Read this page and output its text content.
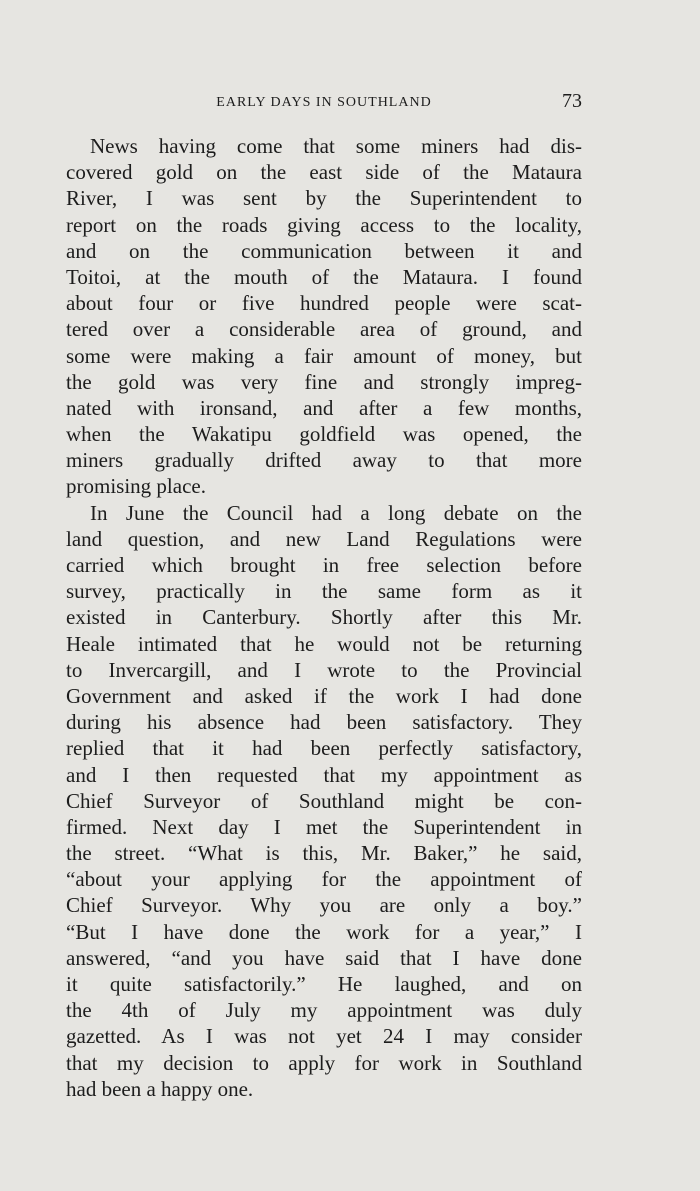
EARLY DAYS IN SOUTHLAND	73
News having come that some miners had dis-
covered gold on the east side of the Mataura
River, I was sent by the Superintendent to
report on the roads giving access to the locality,
and on the communication between it and
Toitoi, at the mouth of the Mataura. I found
about four or five hundred people were scat-
tered over a considerable area of ground, and
some were making a fair amount of money, but
the gold was very fine and strongly impreg-
nated with ironsand, and after a few months,
when the Wakatipu goldfield was opened, the
miners gradually drifted away to that more
promising place.
In June the Council had a long debate on the
land question, and new Land Regulations were
carried which brought in free selection before
survey, practically in the same form as it
existed in Canterbury. Shortly after this Mr.
Heale intimated that he would not be returning
to Invercargill, and I wrote to the Provincial
Government and asked if the work I had done
during his absence had been satisfactory. They
replied that it had been perfectly satisfactory,
and I then requested that my appointment as
Chief Surveyor of Southland might be con-
firmed. Next day I met the Superintendent in
the street. “What is this, Mr. Baker,” he said,
“about your applying for the appointment of
Chief Surveyor. Why you are only a boy.”
“But I have done the work for a year,” I
answered, “and you have said that I have done
it quite satisfactorily.” He laughed, and on
the 4th of July my appointment was duly
gazetted. As I was not yet 24 I may consider
that my decision to apply for work in Southland
had been a happy one.
